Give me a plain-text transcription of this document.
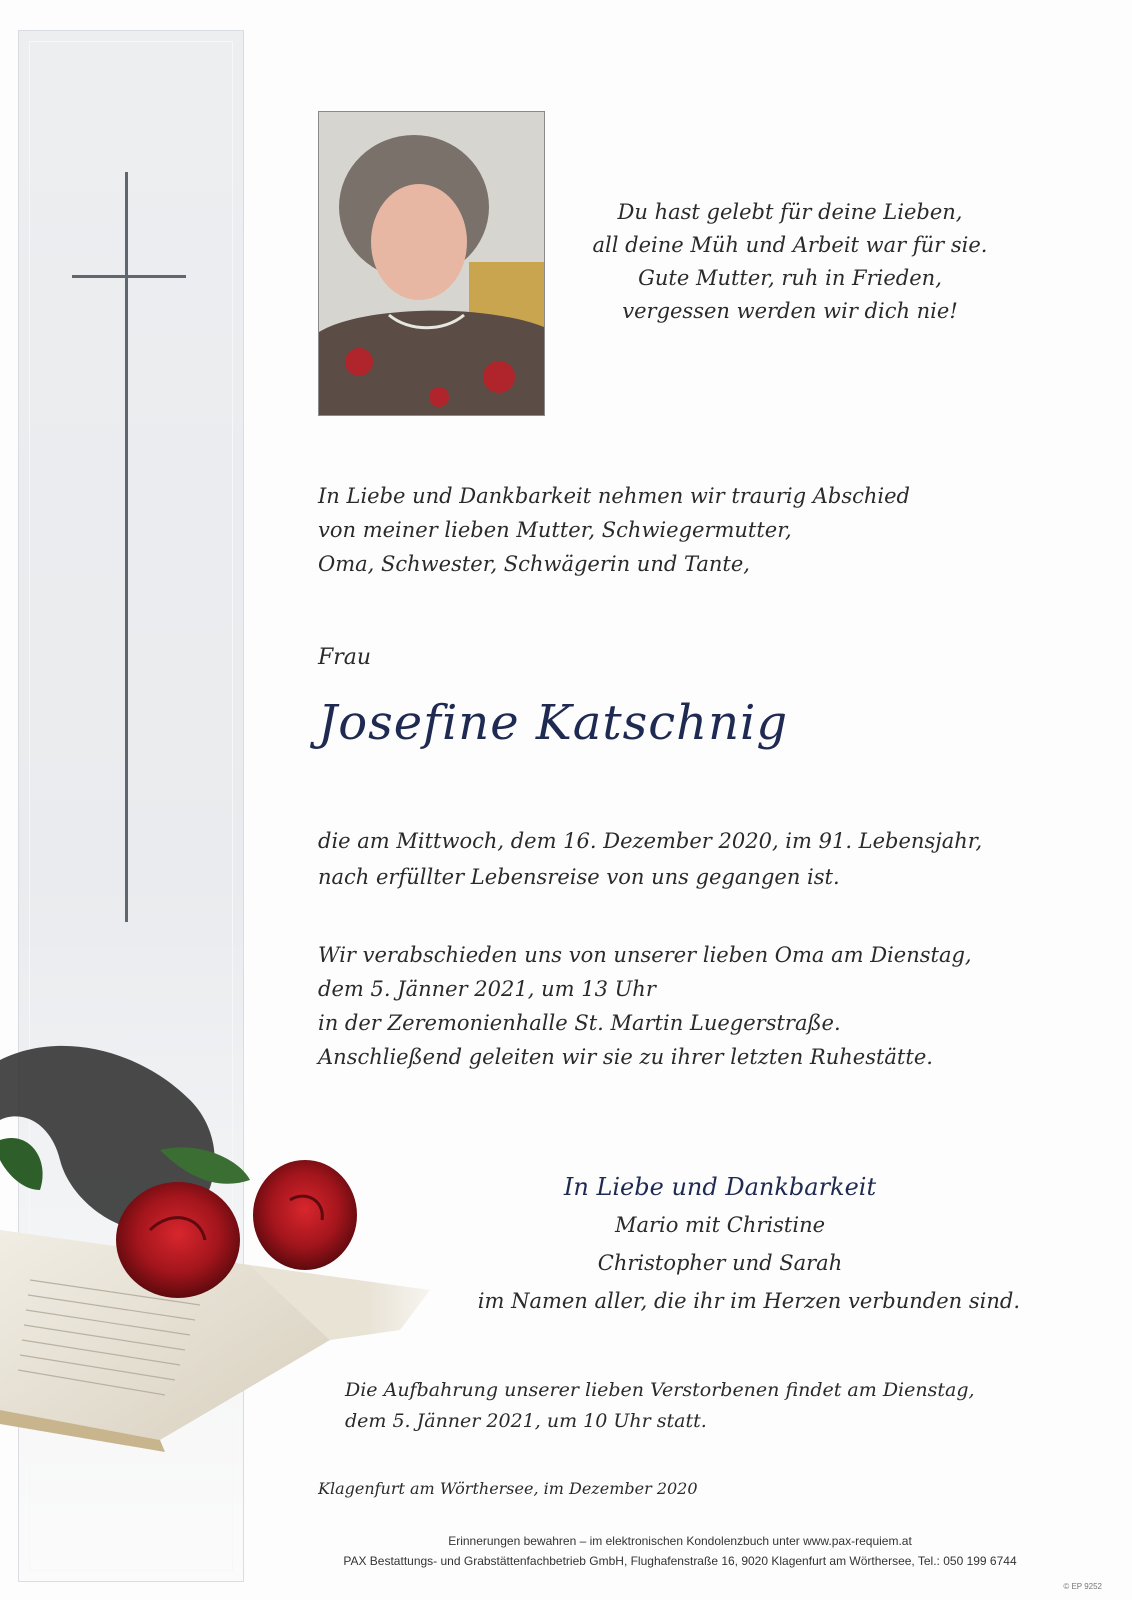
Du hast gelebt für deine Lieben,
all deine Müh und Arbeit war für sie.
Gute Mutter, ruh in Frieden,
vergessen werden wir dich nie!
In Liebe und Dankbarkeit nehmen wir traurig Abschied
von meiner lieben Mutter, Schwiegermutter,
Oma, Schwester, Schwägerin und Tante,
Frau
Josefine Katschnig
die am Mittwoch, dem 16. Dezember 2020, im 91. Lebensjahr,
nach erfüllter Lebensreise von uns gegangen ist.
Wir verabschieden uns von unserer lieben Oma am Dienstag,
dem 5. Jänner 2021, um 13 Uhr
in der Zeremonienhalle St. Martin Luegerstraße.
Anschließend geleiten wir sie zu ihrer letzten Ruhestätte.
In Liebe und Dankbarkeit
Mario mit Christine
Christopher und Sarah
im Namen aller, die ihr im Herzen verbunden sind.
Die Aufbahrung unserer lieben Verstorbenen findet am Dienstag,
dem 5. Jänner 2021, um 10 Uhr statt.
Klagenfurt am Wörthersee, im Dezember 2020
Erinnerungen bewahren – im elektronischen Kondolenzbuch unter www.pax-requiem.at
PAX Bestattungs- und Grabstättenfachbetrieb GmbH, Flughafenstraße 16, 9020 Klagenfurt am Wörthersee, Tel.: 050 199 6744
© EP 9252
